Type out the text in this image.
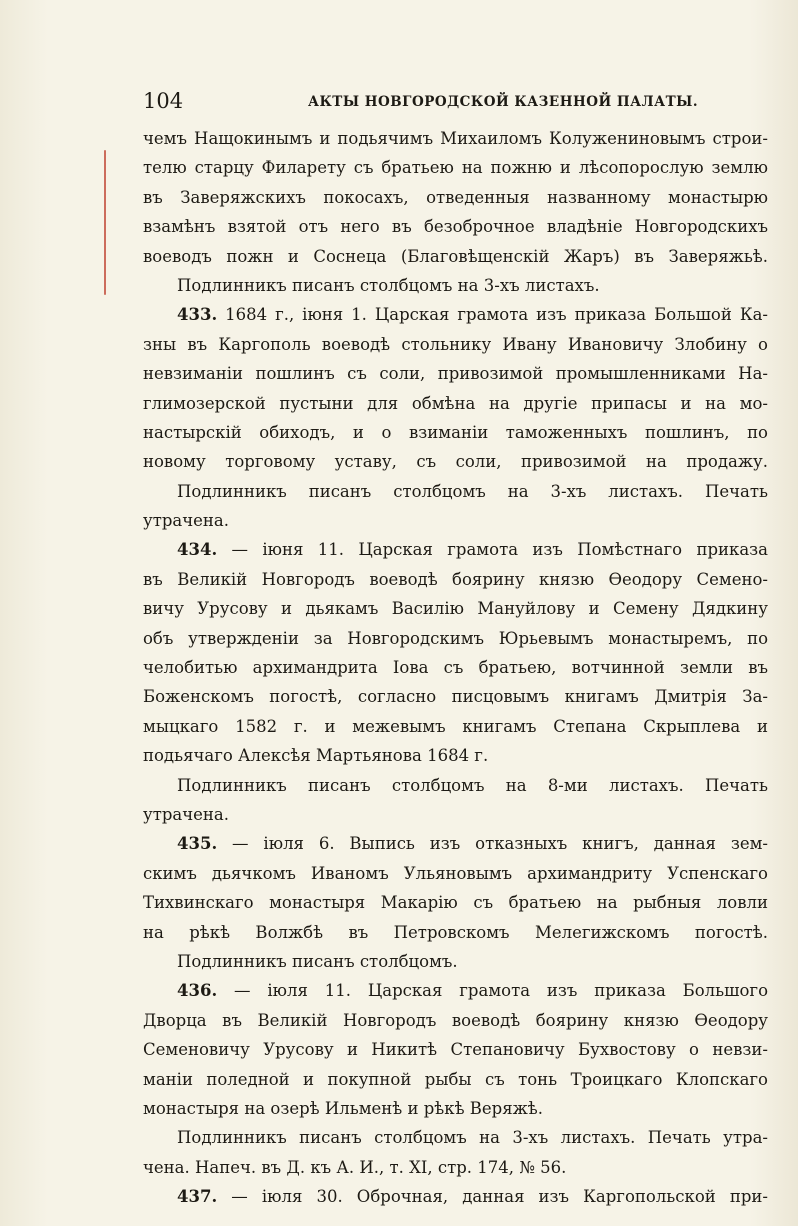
104	АКТЫ НОВГОРОДСКОЙ КАЗЕННОЙ ПАЛАТЫ.
чемъ Нащокинымъ и подьячимъ Михаиломъ Колужениновымъ строи-
телю старцу Филарету съ братьею на пожню и лѣсопорослую землю
въ Заверяжскихъ покосахъ, отведенныя названному монастырю
взамѣнъ взятой отъ него въ безоброчное владѣніе Новгородскихъ
воеводъ пожн и Соснеца (Благовѣщенскій Жаръ) въ Заверяжьѣ.
Подлинникъ писанъ столбцомъ на 3-хъ листахъ.
433. 1684 г., іюня 1. Царская грамота изъ приказа Большой Ка-
зны въ Каргополь воеводѣ стольнику Ивану Ивановичу Злобину о
невзиманіи пошлинъ съ соли, привозимой промышленниками На-
глимозерской пустыни для обмѣна на другіе припасы и на мо-
настырскій обиходъ, и о взиманіи таможенныхъ пошлинъ, по
новому торговому уставу, съ соли, привозимой на продажу.
Подлинникъ писанъ столбцомъ на 3-хъ листахъ. Печать
утрачена.
434. — іюня 11. Царская грамота изъ Помѣстнаго приказа
въ Великій Новгородъ воеводѣ боярину князю Ѳеодору Семено-
вичу Урусову и дьякамъ Василію Мануйлову и Семену Дядкину
объ утвержденіи за Новгородскимъ Юрьевымъ монастыремъ, по
челобитью архимандрита Іова съ братьею, вотчинной земли въ
Боженскомъ погостѣ, согласно писцовымъ книгамъ Дмитрія За-
мыцкаго 1582 г. и межевымъ книгамъ Степана Скрыплева и
подьячаго Алексѣя Мартьянова 1684 г.
Подлинникъ писанъ столбцомъ на 8-ми листахъ. Печать
утрачена.
435. — іюля 6. Выпись изъ отказныхъ книгъ, данная зем-
скимъ дьячкомъ Иваномъ Ульяновымъ архимандриту Успенскаго
Тихвинскаго монастыря Макарію съ братьею на рыбныя ловли
на рѣкѣ Волжбѣ въ Петровскомъ Мелегижскомъ погостѣ.
Подлинникъ писанъ столбцомъ.
436. — іюля 11. Царская грамота изъ приказа Большого
Дворца въ Великій Новгородъ воеводѣ боярину князю Ѳеодору
Семеновичу Урусову и Никитѣ Степановичу Бухвостову о невзи-
маніи поледной и покупной рыбы съ тонь Троицкаго Клопскаго
монастыря на озерѣ Ильменѣ и рѣкѣ Веряжѣ.
Подлинникъ писанъ столбцомъ на 3-хъ листахъ. Печать утра-
чена. Напеч. въ Д. къ А. И., т. XI, стр. 174, № 56.
437. — іюля 30. Оброчная, данная изъ Каргопольской при-
